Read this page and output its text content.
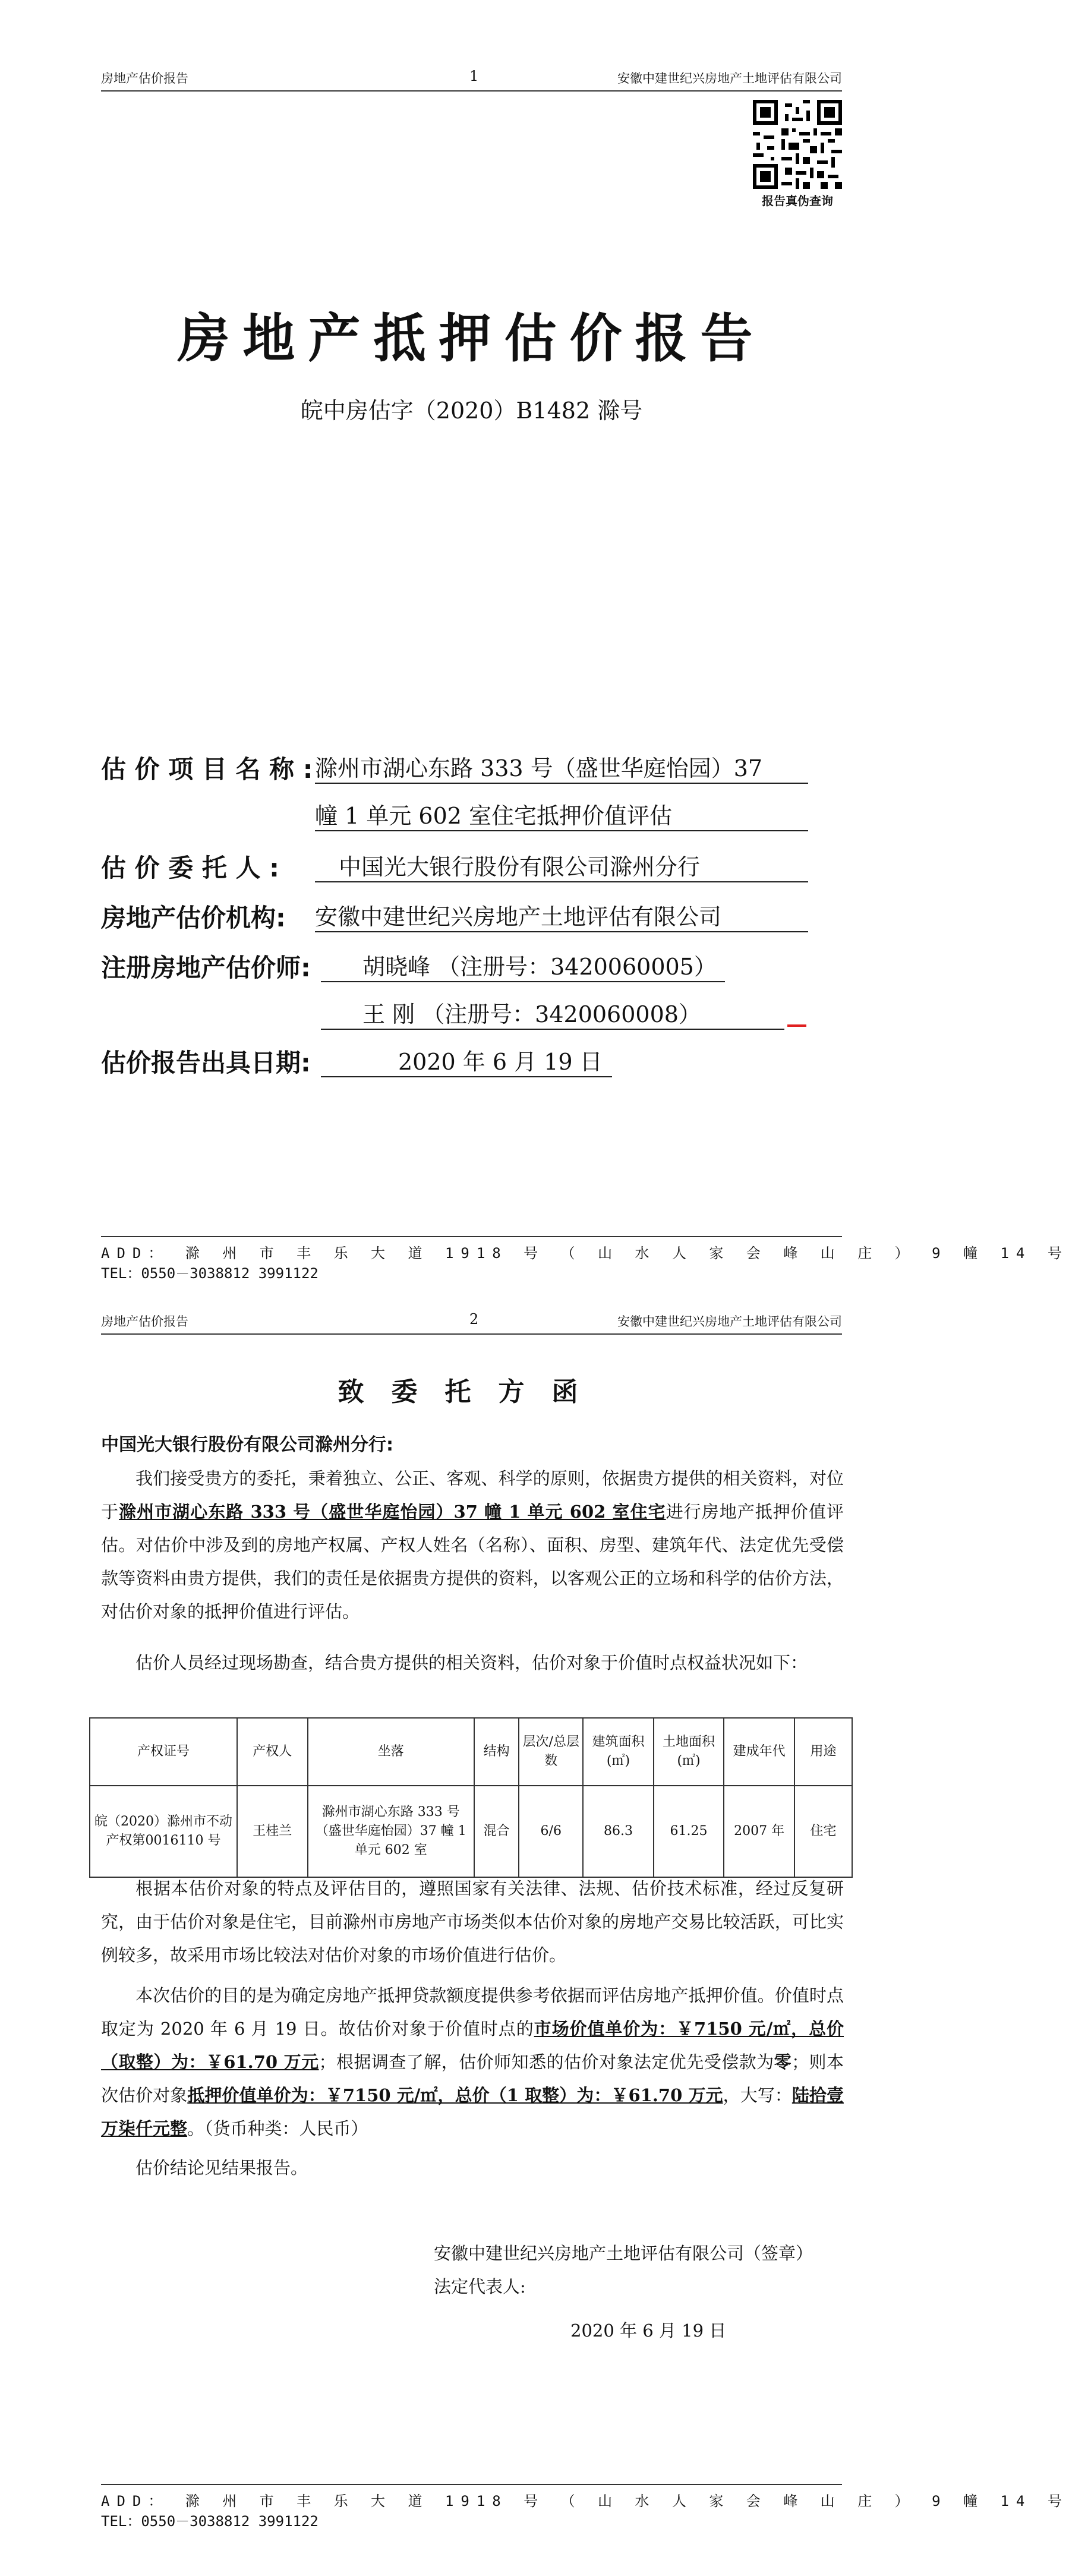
房地产估价报告	1	安徽中建世纪兴房地产土地评估有限公司
报告真伪查询
房地产抵押估价报告
皖中房估字（2020）B1482 滁号
估 价 项 目 名 称 : 滁州市湖心东路 333 号（盛世华庭怡园）37
幢 1 单元 602 室住宅抵押价值评估
估 价 委 托 人 :	中国光大银行股份有限公司滁州分行
房地产估价机构: 安徽中建世纪兴房地产土地评估有限公司
注册房地产估价师:	胡晓峰 （注册号：3420060005）
王 刚 （注册号：3420060008）
估价报告出具日期:	2020 年 6 月 19 日
ADD： 滁 州 市 丰 乐 大 道 1918 号 （ 山 水 人 家 会 峰 山 庄 ） 9 幢 14 号
TEL：0550－3038812 3991122
房地产估价报告	2	安徽中建世纪兴房地产土地评估有限公司
致委托方函
中国光大银行股份有限公司滁州分行:
我们接受贵方的委托，秉着独立、公正、客观、科学的原则，依据贵方提供的相关资料，对位于滁州市湖心东路 333 号（盛世华庭怡园）37 幢 1 单元 602 室住宅进行房地产抵押价值评估。对估价中涉及到的房地产权属、产权人姓名（名称）、面积、房型、建筑年代、法定优先受偿款等资料由贵方提供，我们的责任是依据贵方提供的资料，以客观公正的立场和科学的估价方法，对估价对象的抵押价值进行评估。
估价人员经过现场勘查，结合贵方提供的相关资料，估价对象于价值时点权益状况如下：
产权证号	产权人	坐落	结构	层次/总层数	建筑面积(㎡)	土地面积(㎡)	建成年代	用途
皖（2020）滁州市不动产权第0016110 号	王桂兰	滁州市湖心东路 333 号（盛世华庭怡园）37 幢 1 单元 602 室	混合	6/6	86.3	61.25	2007 年	住宅
根据本估价对象的特点及评估目的，遵照国家有关法律、法规、估价技术标准，经过反复研究，由于估价对象是住宅，目前滁州市房地产市场类似本估价对象的房地产交易比较活跃，可比实例较多，故采用市场比较法对估价对象的市场价值进行估价。
本次估价的目的是为确定房地产抵押贷款额度提供参考依据而评估房地产抵押价值。价值时点取定为 2020 年 6 月 19 日。故估价对象于价值时点的市场价值单价为：￥7150 元/㎡，总价（取整）为：￥61.70 万元；根据调查了解，估价师知悉的估价对象法定优先受偿款为零；则本次估价对象抵押价值单价为：￥7150 元/㎡，总价（1 取整）为：￥61.70 万元，大写：陆拾壹万柒仟元整。（货币种类：人民币）
估价结论见结果报告。
安徽中建世纪兴房地产土地评估有限公司（签章）
法定代表人:
2020 年 6 月 19 日
ADD： 滁 州 市 丰 乐 大 道 1918 号 （ 山 水 人 家 会 峰 山 庄 ） 9 幢 14 号
TEL：0550－3038812 3991122
